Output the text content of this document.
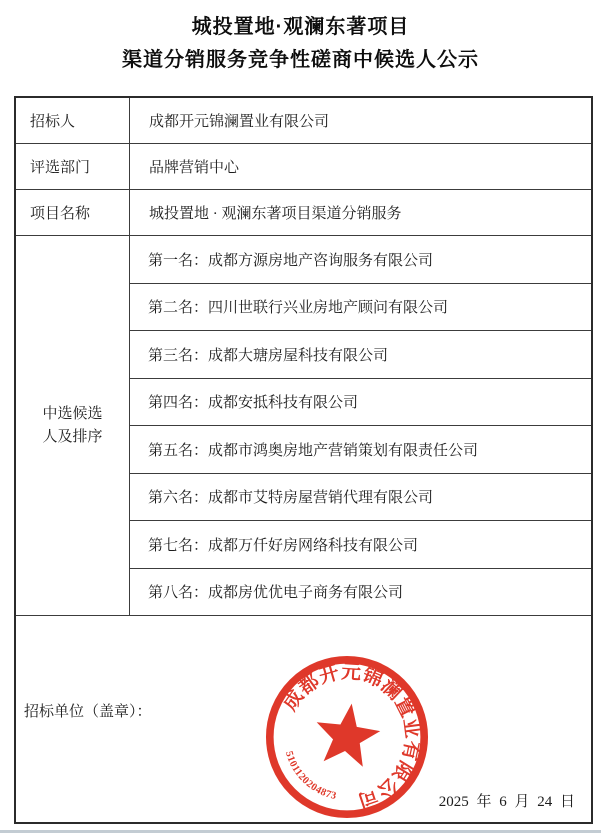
城投置地·观澜东著项目
渠道分销服务竞争性磋商中候选人公示
招标人	成都开元锦澜置业有限公司
评选部门	品牌营销中心
项目名称	城投置地 · 观澜东著项目渠道分销服务
中选候选
人及排序
第一名：成都方源房地产咨询服务有限公司
第二名：四川世联行兴业房地产顾问有限公司
第三名：成都大瑭房屋科技有限公司
第四名：成都安抵科技有限公司
第五名：成都市鸿奥房地产营销策划有限责任公司
第六名：成都市艾特房屋营销代理有限公司
第七名：成都万仟好房网络科技有限公司
第八名：成都房优优电子商务有限公司
招标单位（盖章）：	成都开元锦澜置业有限公司
5101120204873	2025 年 6 月 24 日
